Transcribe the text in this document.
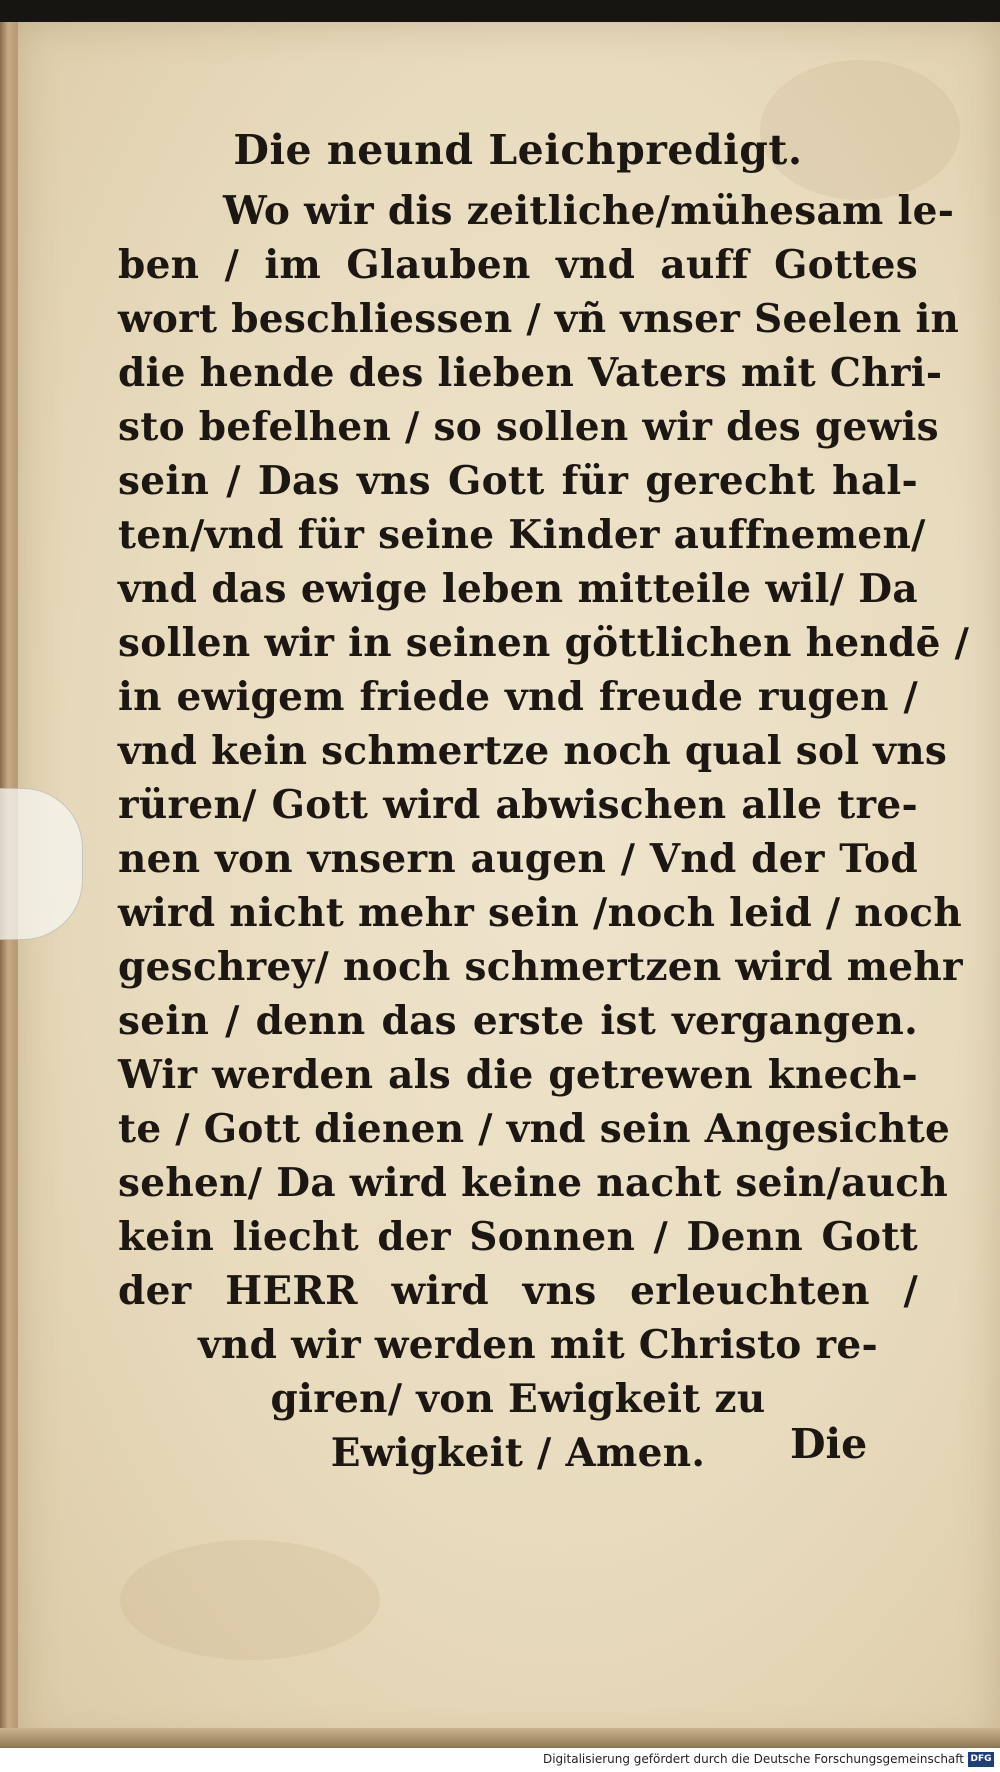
Die neund Leichpredigt.
Wo wir dis zeitliche/mühesam le-
ben / im Glauben vnd auff Gottes
wort beschliessen / vñ vnser Seelen in
die hende des lieben Vaters mit Chri-
sto befelhen / so sollen wir des gewis
sein / Das vns Gott für gerecht hal-
ten/vnd für seine Kinder auffnemen/
vnd das ewige leben mitteile wil/ Da
sollen wir in seinen göttlichen hendē /
in ewigem friede vnd freude rugen /
vnd kein schmertze noch qual sol vns
rüren/ Gott wird abwischen alle tre-
nen von vnsern augen / Vnd der Tod
wird nicht mehr sein /noch leid / noch
geschrey/ noch schmertzen wird mehr
sein / denn das erste ist vergangen.
Wir werden als die getrewen knech-
te / Gott dienen / vnd sein Angesichte
sehen/ Da wird keine nacht sein/auch
kein liecht der Sonnen / Denn Gott
der HERR wird vns erleuchten /
vnd wir werden mit Christo re-
giren/ von Ewigkeit zu
Ewigkeit / Amen.	Die
Digitalisierung gefördert durch die Deutsche Forschungsgemeinschaft DFG
